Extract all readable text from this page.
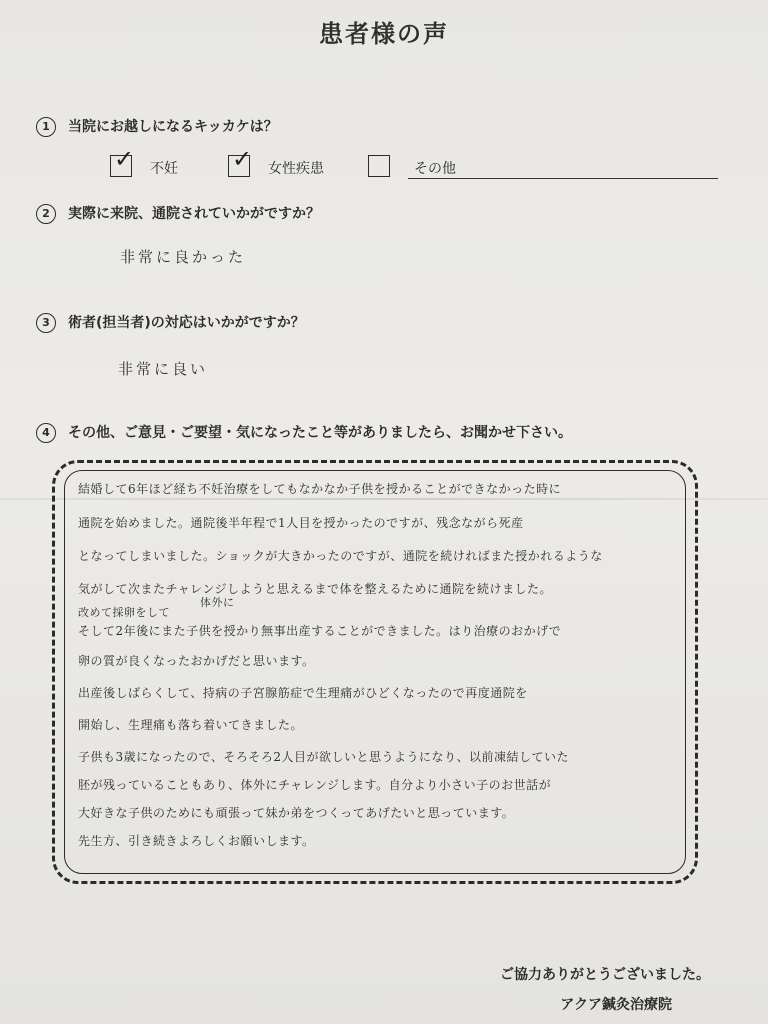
患者様の声
1 当院にお越しになるキッカケは？
✓ 不妊 ✓ 女性疾患	その他
2 実際に来院、通院されていかがですか？
非常に良かった
3 術者(担当者)の対応はいかがですか？
非常に良い
4 その他、ご意見・ご要望・気になったこと等がありましたら、お聞かせ下さい。
結婚して6年ほど経ち不妊治療をしてもなかなか子供を授かることができなかった時に
通院を始めました。通院後半年程で1人目を授かったのですが、残念ながら死産
となってしまいました。ショックが大きかったのですが、通院を続ければまた授かれるような
気がして次またチャレンジしようと思えるまで体を整えるために通院を続けました。
体外に
改めて採卵をして
そして2年後にまた子供を授かり無事出産することができました。はり治療のおかげで
卵の質が良くなったおかげだと思います。
出産後しばらくして、持病の子宮腺筋症で生理痛がひどくなったので再度通院を
開始し、生理痛も落ち着いてきました。
子供も3歳になったので、そろそろ2人目が欲しいと思うようになり、以前凍結していた
胚が残っていることもあり、体外にチャレンジします。自分より小さい子のお世話が
大好きな子供のためにも頑張って妹か弟をつくってあげたいと思っています。
先生方、引き続きよろしくお願いします。
ご協力ありがとうございました。
アクア鍼灸治療院
